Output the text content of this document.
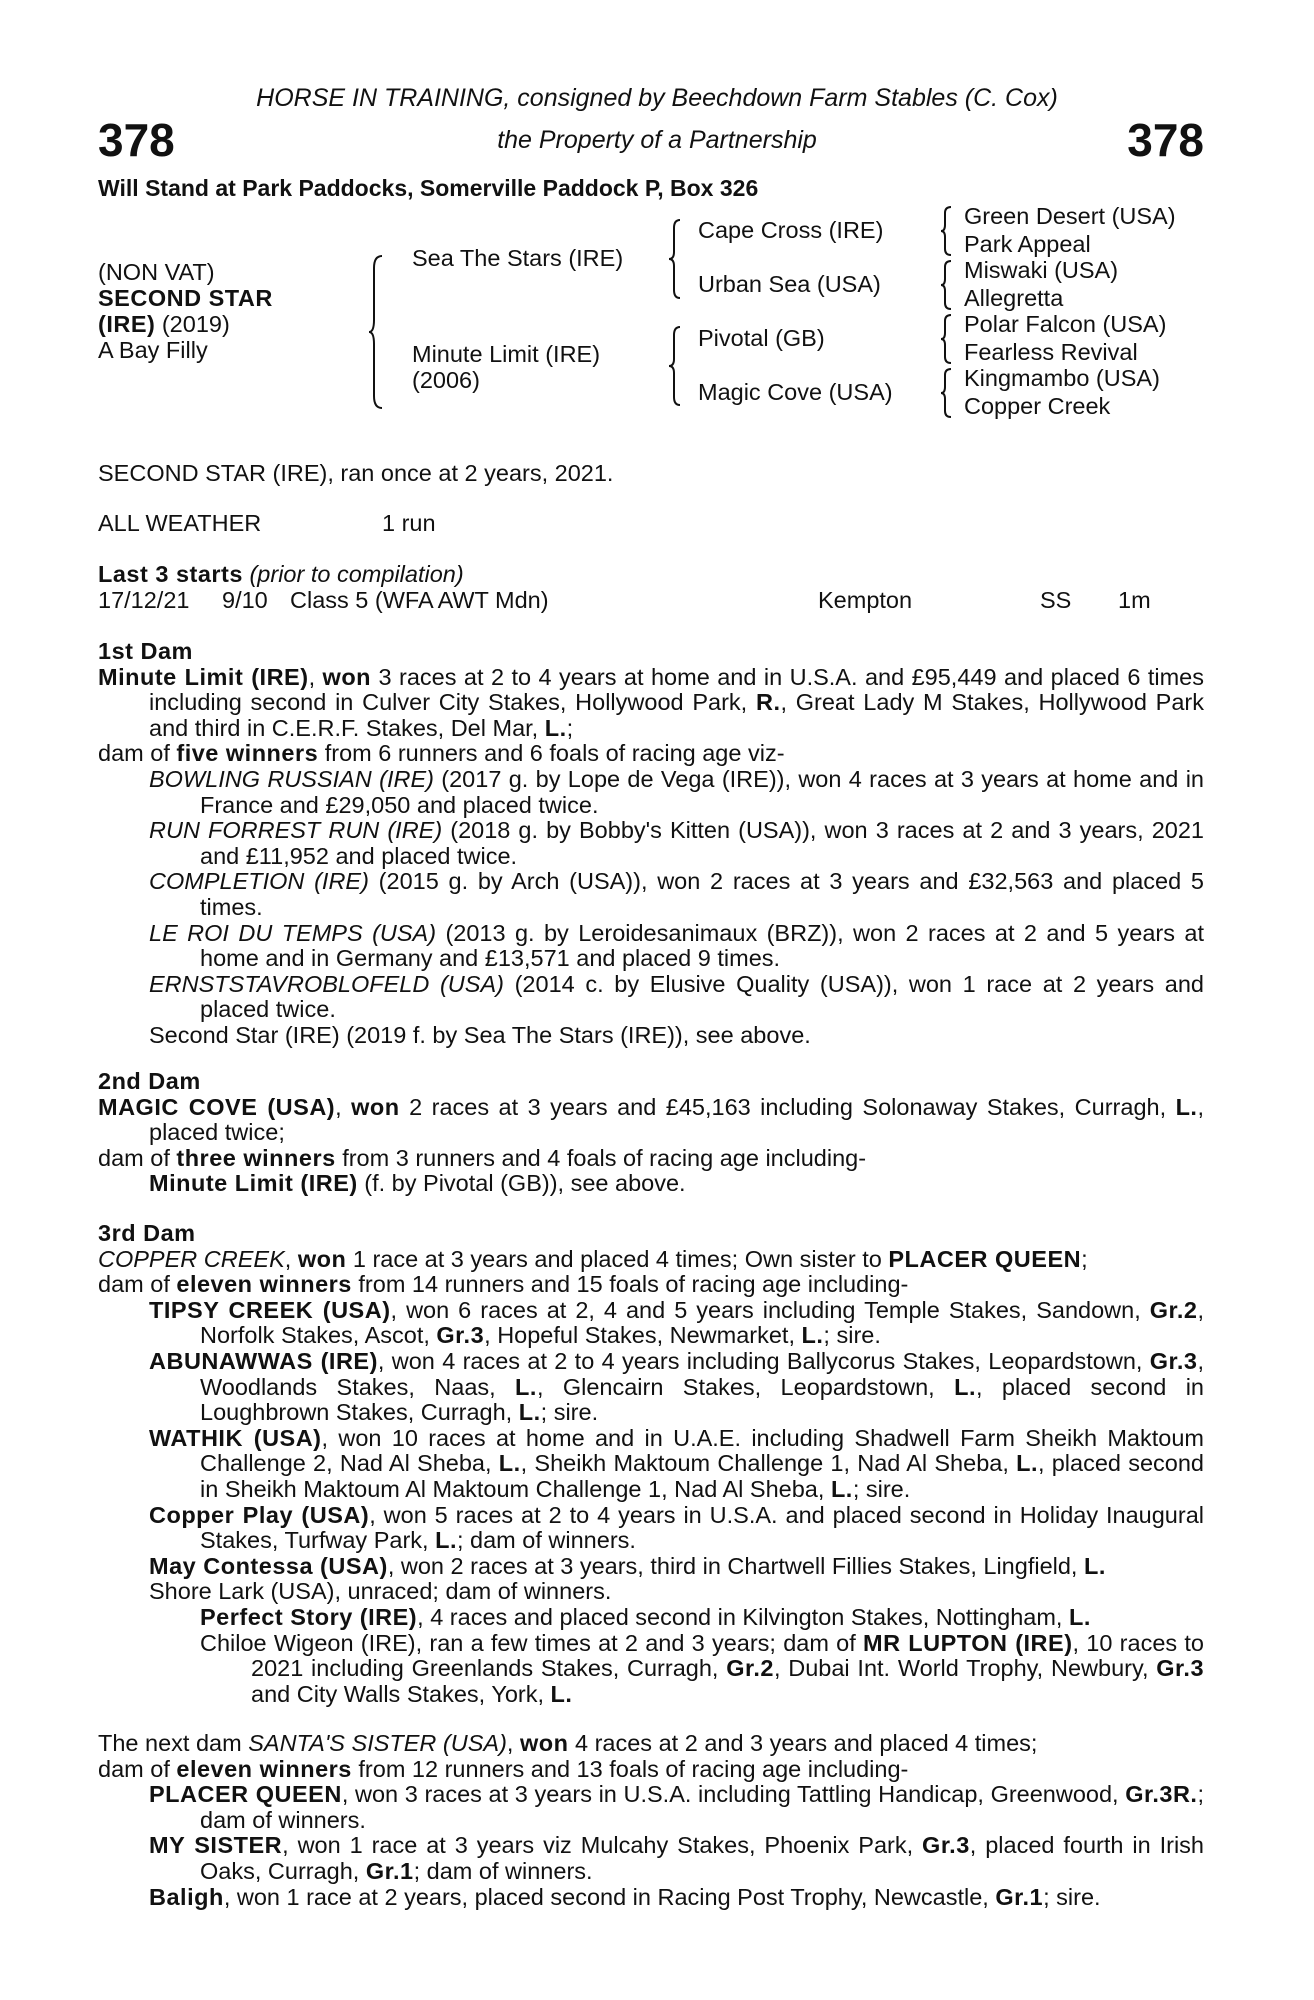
HORSE IN TRAINING, consigned by Beechdown Farm Stables (C. Cox)
the Property of a Partnership
378	378
Will Stand at Park Paddocks, Somerville Paddock P, Box 326
(NON VAT)
SECOND STAR
(IRE) (2019)
A Bay Filly
Sea The Stars (IRE)
Minute Limit (IRE)
(2006)
Cape Cross (IRE)
Urban Sea (USA)
Pivotal (GB)
Magic Cove (USA)
Green Desert (USA)
Park Appeal
Miswaki (USA)
Allegretta
Polar Falcon (USA)
Fearless Revival
Kingmambo (USA)
Copper Creek
SECOND STAR (IRE), ran once at 2 years, 2021.
ALL WEATHER	1 run
Last 3 starts (prior to compilation)
17/12/21 9/10 Class 5 (WFA AWT Mdn)	Kempton	SS 1m

1st Dam

Minute Limit (IRE), won 3 races at 2 to 4 years at home and in U.S.A. and £95,449 and placed 6 times including second in Culver City Stakes, Hollywood Park, R., Great Lady M Stakes, Hollywood Park and third in C.E.R.F. Stakes, Del Mar, L.;

dam of five winners from 6 runners and 6 foals of racing age viz-

BOWLING RUSSIAN (IRE) (2017 g. by Lope de Vega (IRE)), won 4 races at 3 years at home and in France and £29,050 and placed twice.

RUN FORREST RUN (IRE) (2018 g. by Bobby's Kitten (USA)), won 3 races at 2 and 3 years, 2021 and £11,952 and placed twice.

COMPLETION (IRE) (2015 g. by Arch (USA)), won 2 races at 3 years and £32,563 and placed 5 times.

LE ROI DU TEMPS (USA) (2013 g. by Leroidesanimaux (BRZ)), won 2 races at 2 and 5 years at home and in Germany and £13,571 and placed 9 times.

ERNSTSTAVROBLOFELD (USA) (2014 c. by Elusive Quality (USA)), won 1 race at 2 years and placed twice.

Second Star (IRE) (2019 f. by Sea The Stars (IRE)), see above.

2nd Dam

MAGIC COVE (USA), won 2 races at 3 years and £45,163 including Solonaway Stakes, Curragh, L., placed twice;

dam of three winners from 3 runners and 4 foals of racing age including-

Minute Limit (IRE) (f. by Pivotal (GB)), see above.

3rd Dam

COPPER CREEK, won 1 race at 3 years and placed 4 times; Own sister to PLACER QUEEN;

dam of eleven winners from 14 runners and 15 foals of racing age including-

TIPSY CREEK (USA), won 6 races at 2, 4 and 5 years including Temple Stakes, Sandown, Gr.2, Norfolk Stakes, Ascot, Gr.3, Hopeful Stakes, Newmarket, L.; sire.

ABUNAWWAS (IRE), won 4 races at 2 to 4 years including Ballycorus Stakes, Leopardstown, Gr.3, Woodlands Stakes, Naas, L., Glencairn Stakes, Leopardstown, L., placed second in Loughbrown Stakes, Curragh, L.; sire.

WATHIK (USA), won 10 races at home and in U.A.E. including Shadwell Farm Sheikh Maktoum Challenge 2, Nad Al Sheba, L., Sheikh Maktoum Challenge 1, Nad Al Sheba, L., placed second in Sheikh Maktoum Al Maktoum Challenge 1, Nad Al Sheba, L.; sire.

Copper Play (USA), won 5 races at 2 to 4 years in U.S.A. and placed second in Holiday Inaugural Stakes, Turfway Park, L.; dam of winners.

May Contessa (USA), won 2 races at 3 years, third in Chartwell Fillies Stakes, Lingfield, L.

Shore Lark (USA), unraced; dam of winners.

Perfect Story (IRE), 4 races and placed second in Kilvington Stakes, Nottingham, L.

Chiloe Wigeon (IRE), ran a few times at 2 and 3 years; dam of MR LUPTON (IRE), 10 races to 2021 including Greenlands Stakes, Curragh, Gr.2, Dubai Int. World Trophy, Newbury, Gr.3 and City Walls Stakes, York, L.

The next dam SANTA'S SISTER (USA), won 4 races at 2 and 3 years and placed 4 times;

dam of eleven winners from 12 runners and 13 foals of racing age including-

PLACER QUEEN, won 3 races at 3 years in U.S.A. including Tattling Handicap, Greenwood, Gr.3R.; dam of winners.

MY SISTER, won 1 race at 3 years viz Mulcahy Stakes, Phoenix Park, Gr.3, placed fourth in Irish Oaks, Curragh, Gr.1; dam of winners.

Baligh, won 1 race at 2 years, placed second in Racing Post Trophy, Newcastle, Gr.1; sire.
